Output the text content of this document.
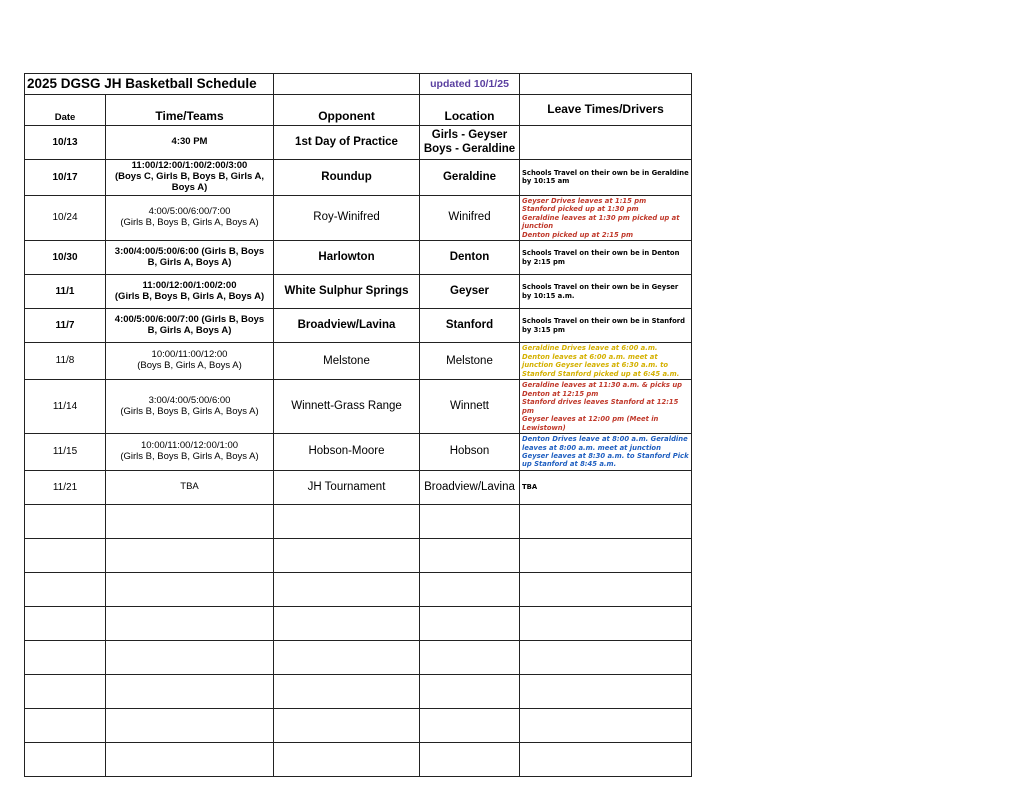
2025 DGSG JH Basketball Schedule			updated 10/1/25	
Date	Time/Teams	Opponent	Location	Leave Times/Drivers
10/13	4:30 PM	1st Day of Practice	Girls - Geyser
Boys - Geraldine	
10/17	11:00/12:00/1:00/2:00/3:00
(Boys C, Girls B, Boys B, Girls A, Boys A)	Roundup	Geraldine	Schools Travel on their own be in Geraldine by 10:15 am
10/24	4:00/5:00/6:00/7:00
(Girls B, Boys B, Girls A, Boys A)	Roy-Winifred	Winifred	Geyser Drives leaves at 1:15 pm
Stanford picked up at 1:30 pm
Geraldine leaves at 1:30 pm picked up at junction
Denton picked up at 2:15 pm
10/30	3:00/4:00/5:00/6:00 (Girls B, Boys B, Girls A, Boys A)	Harlowton	Denton	Schools Travel on their own be in Denton by 2:15 pm
11/1	11:00/12:00/1:00/2:00
(Girls B, Boys B, Girls A, Boys A)	White Sulphur Springs	Geyser	Schools Travel on their own be in Geyser by 10:15 a.m.
11/7	4:00/5:00/6:00/7:00 (Girls B, Boys B, Girls A, Boys A)	Broadview/Lavina	Stanford	Schools Travel on their own be in Stanford by 3:15 pm
11/8	10:00/11:00/12:00
(Boys B, Girls A, Boys A)	Melstone	Melstone	Geraldine Drives leave at 6:00 a.m.
Denton leaves at 6:00 a.m. meet at junction Geyser leaves at 6:30 a.m. to Stanford Stanford picked up at 6:45 a.m.
11/14	3:00/4:00/5:00/6:00
(Girls B, Boys B, Girls A, Boys A)	Winnett-Grass Range	Winnett	Geraldine leaves at 11:30 a.m. & picks up Denton at 12:15 pm
Stanford drives leaves Stanford at 12:15 pm
Geyser leaves at 12:00 pm (Meet in Lewistown)
11/15	10:00/11:00/12:00/1:00
(Girls B, Boys B, Girls A, Boys A)	Hobson-Moore	Hobson	Denton Drives leave at 8:00 a.m. Geraldine leaves at 8:00 a.m. meet at junction Geyser leaves at 8:30 a.m. to Stanford Pick up Stanford at 8:45 a.m.
11/21	TBA	JH Tournament	Broadview/Lavina	TBA
